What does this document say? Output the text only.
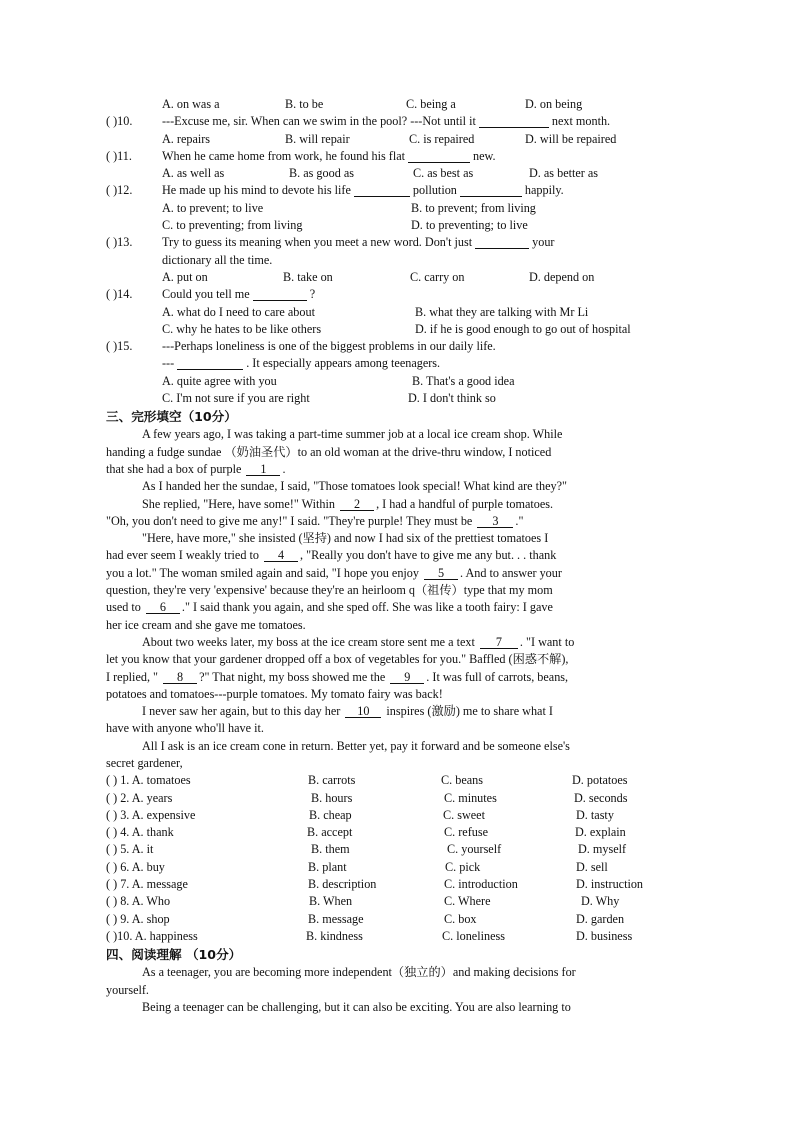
A. on was a	B. to be	C. being a	D. on being
( )10.	---Excuse me, sir. When can we swim in the pool? ---Not until it	next month.
A. repairs	B. will repair	C. is repaired	D. will be repaired
( )11.	When he came home from work, he found his flat	new.
A. as well as	B. as good as	C. as best as	D. as better as
( )12.	He made up his mind to devote his life	pollution	happily.
A. to prevent; to live	B. to prevent; from living
C. to preventing; from living	D. to preventing; to live
( )13.	Try to guess its meaning when you meet a new word. Don't just	your
dictionary all the time.
A. put on	B. take on	C. carry on	D. depend on
( )14.	Could you tell me	?
A. what do I need to care about	B. what they are talking with Mr Li
C. why he hates to be like others	D. if he is good enough to go out of hospital
( )15.	---Perhaps loneliness is one of the biggest problems in our daily life.
---	. It especially appears among teenagers.
A. quite agree with you	B. That's a good idea
C. I'm not sure if you are right	D. I don't think so
三、完形填空（10分）
A few years ago, I was taking a part-time summer job at a local ice cream shop. While
handing a fudge sundae （奶油圣代）to an old woman at the drive-thru window, I noticed
that she had a box of purple 1 .
As I handed her the sundae, I said, "Those tomatoes look special! What kind are they?"
She replied, "Here, have some!" Within 2 , I had a handful of purple tomatoes.
"Oh, you don't need to give me any!" I said. "They're purple! They must be 3 ."
"Here, have more," she insisted (坚持) and now I had six of the prettiest tomatoes I
had ever seem I weakly tried to 4 , "Really you don't have to give me any but. . . thank
you a lot." The woman smiled again and said, "I hope you enjoy 5 . And to answer your
question, they're very 'expensive' because they're an heirloom q（祖传）type that my mom
used to 6 ." I said thank you again, and she sped off. She was like a tooth fairy: I gave
her ice cream and she gave me tomatoes.
About two weeks later, my boss at the ice cream store sent me a text 7 . "I want to
let you know that your gardener dropped off a box of vegetables for you." Baffled (困惑不解),
I replied, " 8 ?" That night, my boss showed me the 9 . It was full of carrots, beans,
potatoes and tomatoes---purple tomatoes. My tomato fairy was back!
I never saw her again, but to this day her 10 inspires (激励) me to share what I
have with anyone who'll have it.
All I ask is an ice cream cone in return. Better yet, pay it forward and be someone else's
secret gardener,
( ) 1. A. tomatoes	B. carrots	C. beans	D. potatoes
( ) 2. A. years	B. hours	C. minutes	D. seconds
( ) 3. A. expensive	B. cheap	C. sweet	D. tasty
( ) 4. A. thank	B. accept	C. refuse	D. explain
( ) 5. A. it	B. them	C. yourself	D. myself
( ) 6. A. buy	B. plant	C. pick	D. sell
( ) 7. A. message	B. description	C. introduction	D. instruction
( ) 8. A. Who	B. When	C. Where	D. Why
( ) 9. A. shop	B. message	C. box	D. garden
( )10. A. happiness	B. kindness	C. loneliness	D. business
四、阅读理解 （10分）
As a teenager, you are becoming more independent（独立的）and making decisions for
yourself.
Being a teenager can be challenging, but it can also be exciting. You are also learning to
